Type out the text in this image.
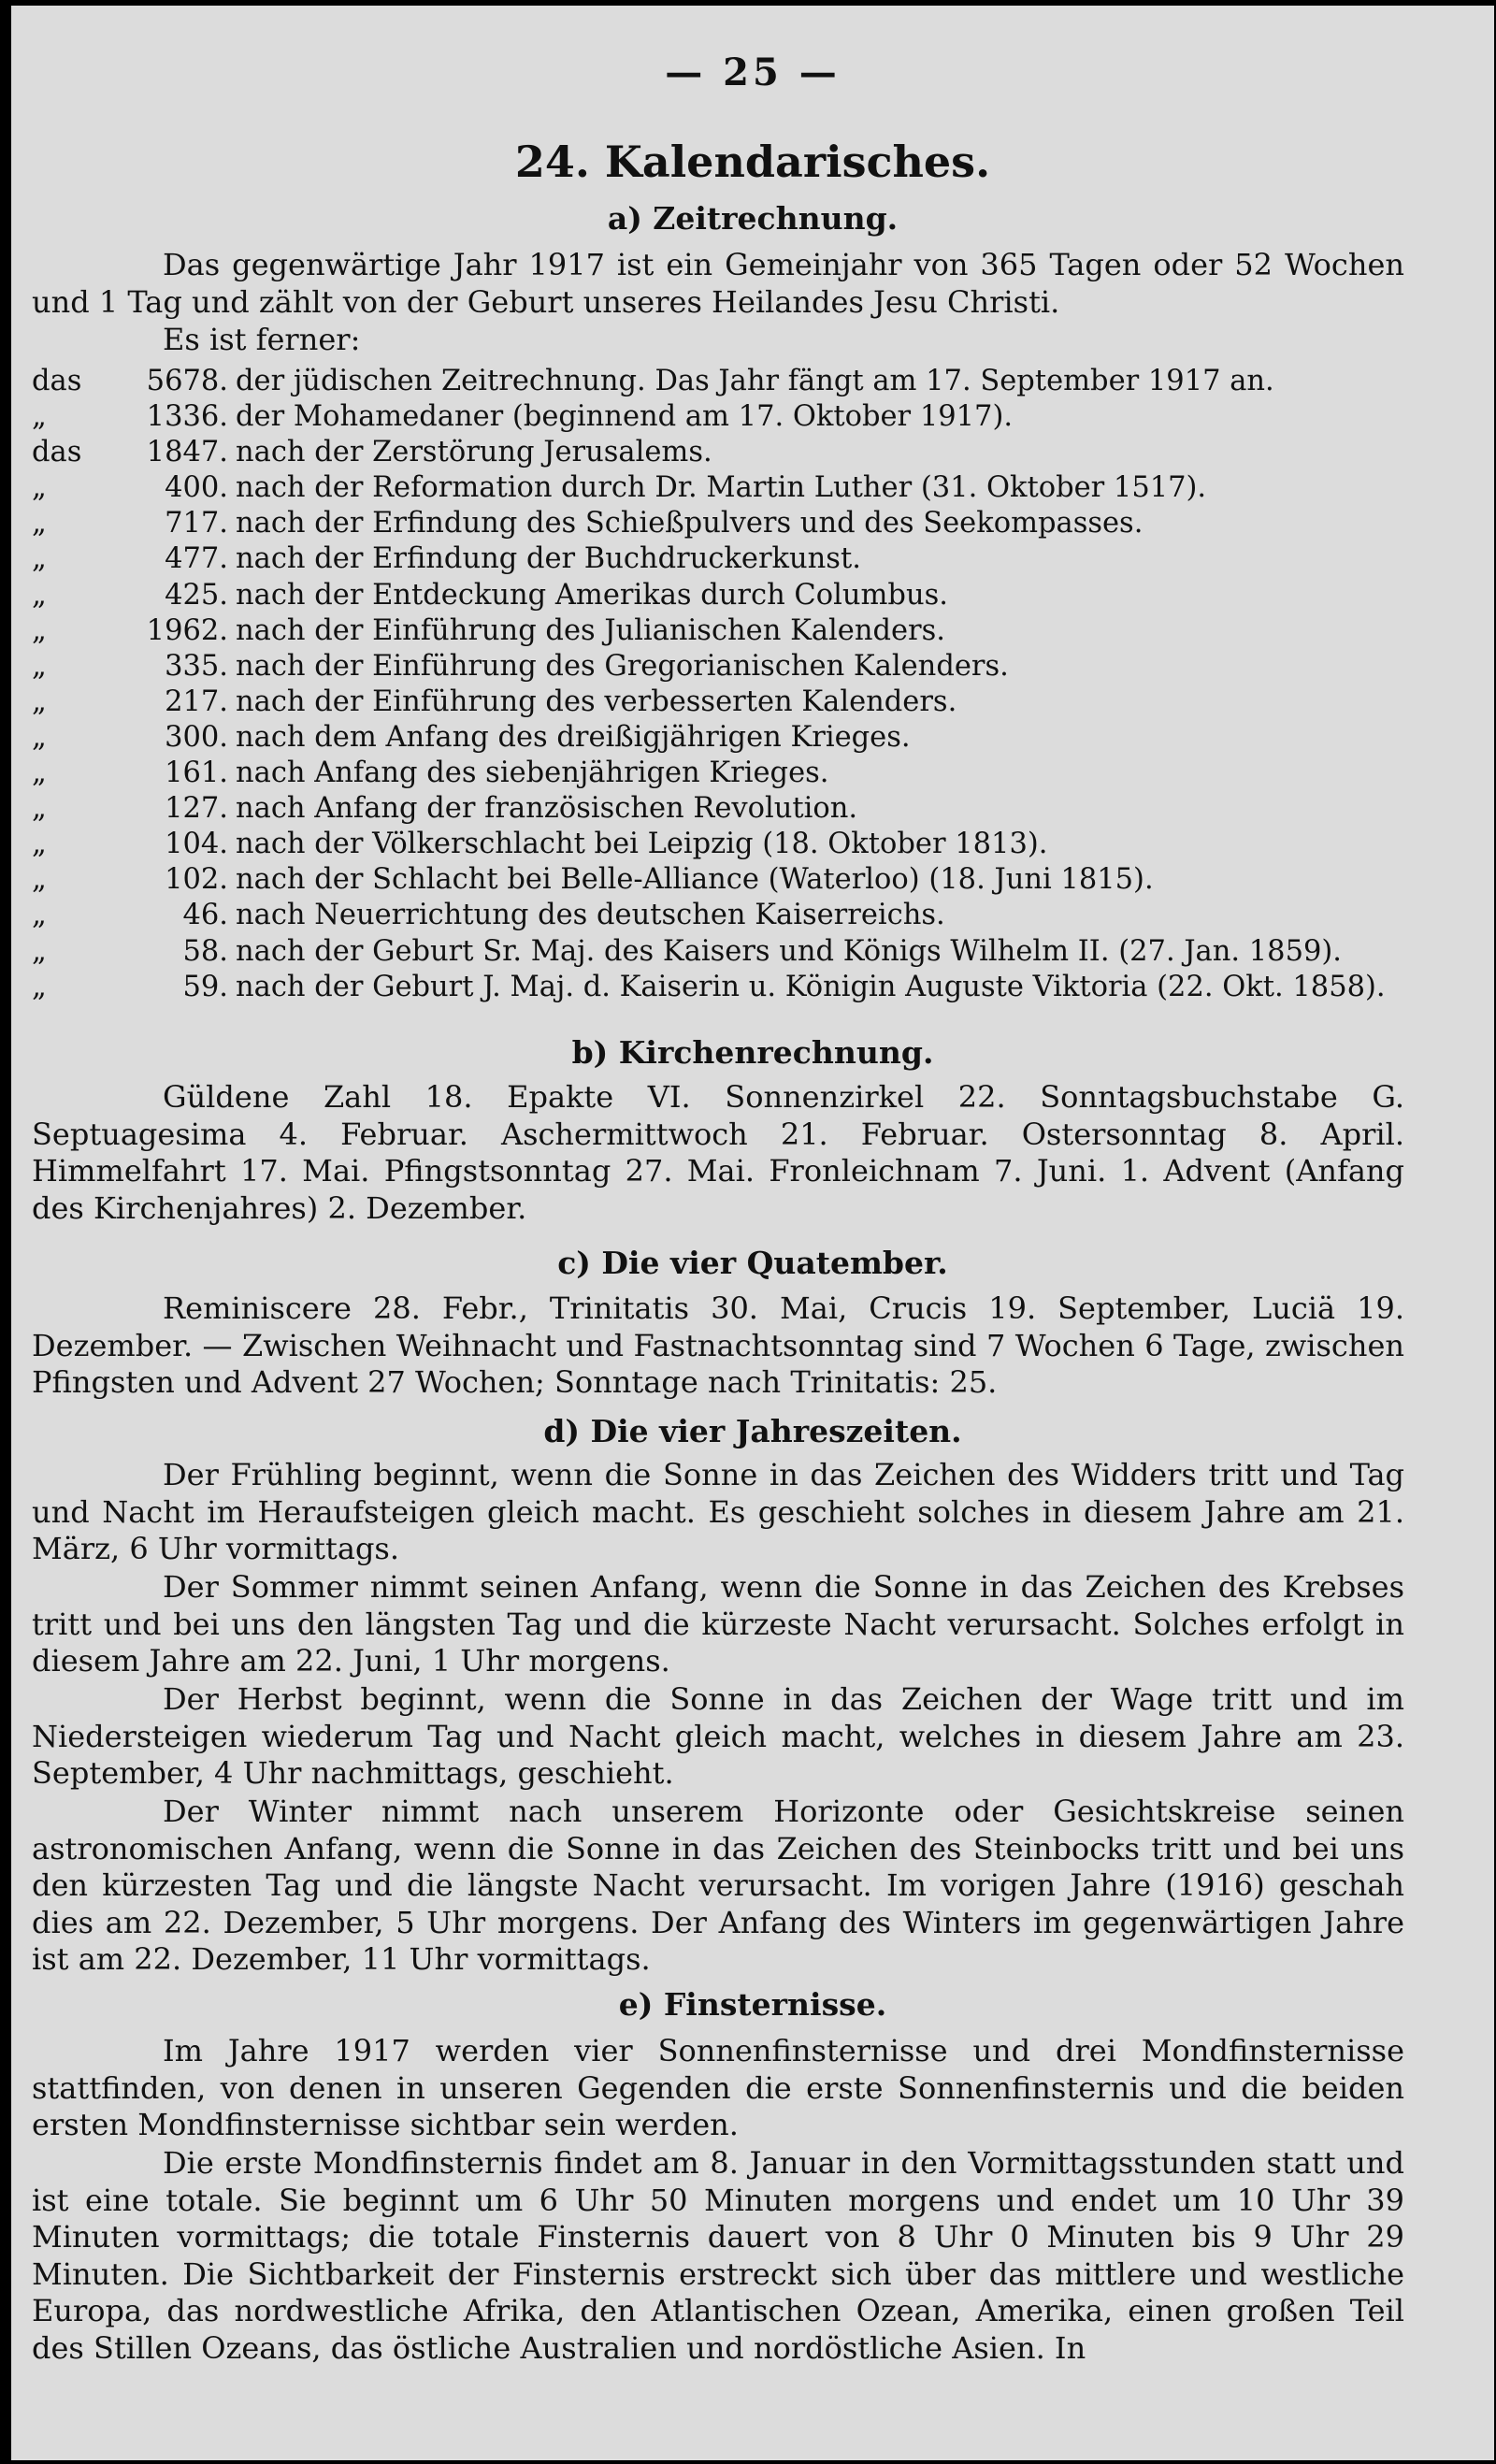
— 25 —
24. Kalendarisches.
a) Zeitrechnung.
Das gegenwärtige Jahr 1917 ist ein Gemeinjahr von 365 Tagen oder 52 Wochen und 1 Tag und zählt von der Geburt unseres Heilandes Jesu Christi.
Es ist ferner:
das	5678. der jüdischen Zeitrechnung. Das Jahr fängt am 17. September 1917 an.
„	1336. der Mohamedaner (beginnend am 17. Oktober 1917).
das	1847. nach der Zerstörung Jerusalems.
„	400. nach der Reformation durch Dr. Martin Luther (31. Oktober 1517).
„	717. nach der Erfindung des Schießpulvers und des Seekompasses.
„	477. nach der Erfindung der Buchdruckerkunst.
„	425. nach der Entdeckung Amerikas durch Columbus.
„	1962. nach der Einführung des Julianischen Kalenders.
„	335. nach der Einführung des Gregorianischen Kalenders.
„	217. nach der Einführung des verbesserten Kalenders.
„	300. nach dem Anfang des dreißigjährigen Krieges.
„	161. nach Anfang des siebenjährigen Krieges.
„	127. nach Anfang der französischen Revolution.
„	104. nach der Völkerschlacht bei Leipzig (18. Oktober 1813).
„	102. nach der Schlacht bei Belle-Alliance (Waterloo) (18. Juni 1815).
„	46. nach Neuerrichtung des deutschen Kaiserreichs.
„	58. nach der Geburt Sr. Maj. des Kaisers und Königs Wilhelm II. (27. Jan. 1859).
„	59. nach der Geburt J. Maj. d. Kaiserin u. Königin Auguste Viktoria (22. Okt. 1858).
b) Kirchenrechnung.
Güldene Zahl 18. Epakte VI. Sonnenzirkel 22. Sonntagsbuchstabe G. Septuagesima 4. Februar. Aschermittwoch 21. Februar. Ostersonntag 8. April. Himmelfahrt 17. Mai. Pfingstsonntag 27. Mai. Fronleichnam 7. Juni. 1. Advent (Anfang des Kirchenjahres) 2. Dezember.
c) Die vier Quatember.
Reminiscere 28. Febr., Trinitatis 30. Mai, Crucis 19. September, Luciä 19. Dezember. — Zwischen Weihnacht und Fastnachtsonntag sind 7 Wochen 6 Tage, zwischen Pfingsten und Advent 27 Wochen; Sonntage nach Trinitatis: 25.
d) Die vier Jahreszeiten.
Der Frühling beginnt, wenn die Sonne in das Zeichen des Widders tritt und Tag und Nacht im Heraufsteigen gleich macht. Es geschieht solches in diesem Jahre am 21. März, 6 Uhr vormittags.
Der Sommer nimmt seinen Anfang, wenn die Sonne in das Zeichen des Krebses tritt und bei uns den längsten Tag und die kürzeste Nacht verursacht. Solches erfolgt in diesem Jahre am 22. Juni, 1 Uhr morgens.
Der Herbst beginnt, wenn die Sonne in das Zeichen der Wage tritt und im Niedersteigen wiederum Tag und Nacht gleich macht, welches in diesem Jahre am 23. September, 4 Uhr nachmittags, geschieht.
Der Winter nimmt nach unserem Horizonte oder Gesichtskreise seinen astronomischen Anfang, wenn die Sonne in das Zeichen des Steinbocks tritt und bei uns den kürzesten Tag und die längste Nacht verursacht. Im vorigen Jahre (1916) geschah dies am 22. Dezember, 5 Uhr morgens. Der Anfang des Winters im gegenwärtigen Jahre ist am 22. Dezember, 11 Uhr vormittags.
e) Finsternisse.
Im Jahre 1917 werden vier Sonnenfinsternisse und drei Mondfinsternisse stattfinden, von denen in unseren Gegenden die erste Sonnenfinsternis und die beiden ersten Mondfinsternisse sichtbar sein werden.
Die erste Mondfinsternis findet am 8. Januar in den Vormittagsstunden statt und ist eine totale. Sie beginnt um 6 Uhr 50 Minuten morgens und endet um 10 Uhr 39 Minuten vormittags; die totale Finsternis dauert von 8 Uhr 0 Minuten bis 9 Uhr 29 Minuten. Die Sichtbarkeit der Finsternis erstreckt sich über das mittlere und westliche Europa, das nordwestliche Afrika, den Atlantischen Ozean, Amerika, einen großen Teil des Stillen Ozeans, das östliche Australien und nordöstliche Asien. In
